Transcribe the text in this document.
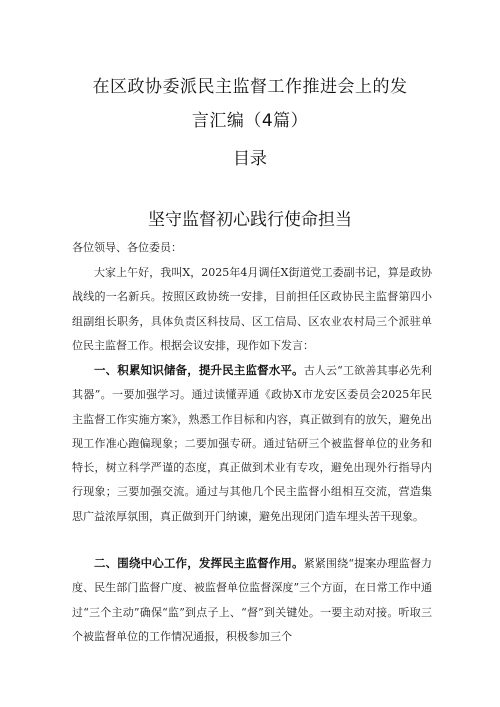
在区政协委派民主监督工作推进会上的发
言汇编（4篇）
目录
坚守监督初心践行使命担当
各位领导、各位委员：
大家上午好，我叫X，2025年4月调任X街道党工委副书记，算是政协战线的一名新兵。按照区政协统一安排，目前担任区政协民主监督第四小组副组长职务，具体负责区科技局、区工信局、区农业农村局三个派驻单位民主监督工作。根据会议安排，现作如下发言：
一、积累知识储备，提升民主监督水平。古人云“工欲善其事必先利其器”。一要加强学习。通过读懂弄通《政协X市龙安区委员会2025年民主监督工作实施方案》，熟悉工作目标和内容，真正做到有的放矢，避免出现工作准心跑偏现象；二要加强专研。通过钻研三个被监督单位的业务和特长，树立科学严谨的态度，真正做到术业有专攻，避免出现外行指导内行现象；三要加强交流。通过与其他几个民主监督小组相互交流，营造集思广益浓厚氛围，真正做到开门纳谏，避免出现闭门造车埋头苦干现象。
二、围绕中心工作，发挥民主监督作用。紧紧围绕“提案办理监督力度、民生部门监督广度、被监督单位监督深度”三个方面，在日常工作中通过“三个主动”确保“监”到点子上、“督”到关键处。一要主动对接。听取三个被监督单位的工作情况通报，积极参加三个
